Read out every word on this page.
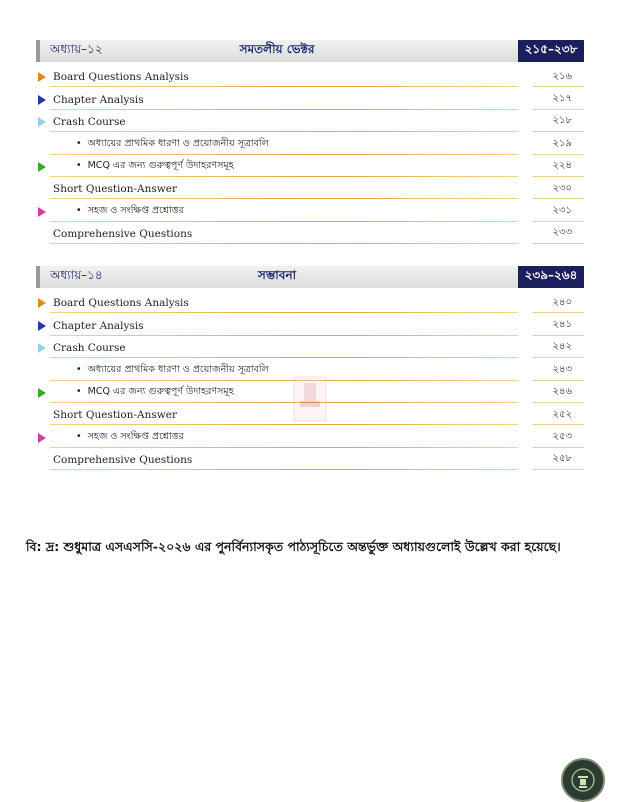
অধ্যায়–১২	সমতলীয় ভেক্টর	২১৫–২৩৮
Board Questions Analysis	২১৬
Chapter Analysis	২১৭
Crash Course	২১৮
• অধ্যায়ের প্রাথমিক ধারণা ও প্রয়োজনীয় সূত্রাবলি	২১৯
• MCQ এর জন্য গুরুত্বপূর্ণ উদাহরণসমূহ	২২৪
Short Question-Answer	২৩০
• সহজ ও সংক্ষিপ্ত প্রশ্নোত্তর	২৩১
Comprehensive Questions	২৩৩
অধ্যায়–১৪	সম্ভাবনা	২৩৯–২৬৪
Board Questions Analysis	২৪০
Chapter Analysis	২৪১
Crash Course	২৪২
• অধ্যায়ের প্রাথমিক ধারণা ও প্রয়োজনীয় সূত্রাবলি	২৪৩
• MCQ এর জন্য গুরুত্বপূর্ণ উদাহরণসমূহ	২৪৬
Short Question-Answer	২৫২
• সহজ ও সংক্ষিপ্ত প্রশ্নোত্তর	২৫৩
Comprehensive Questions	২৫৮
বি: দ্র: শুধুমাত্র এসএসসি-২০২৬ এর পুনর্বিন্যাসকৃত পাঠ্যসূচিতে অন্তর্ভুক্ত অধ্যায়গুলোই উল্লেখ করা হয়েছে।
